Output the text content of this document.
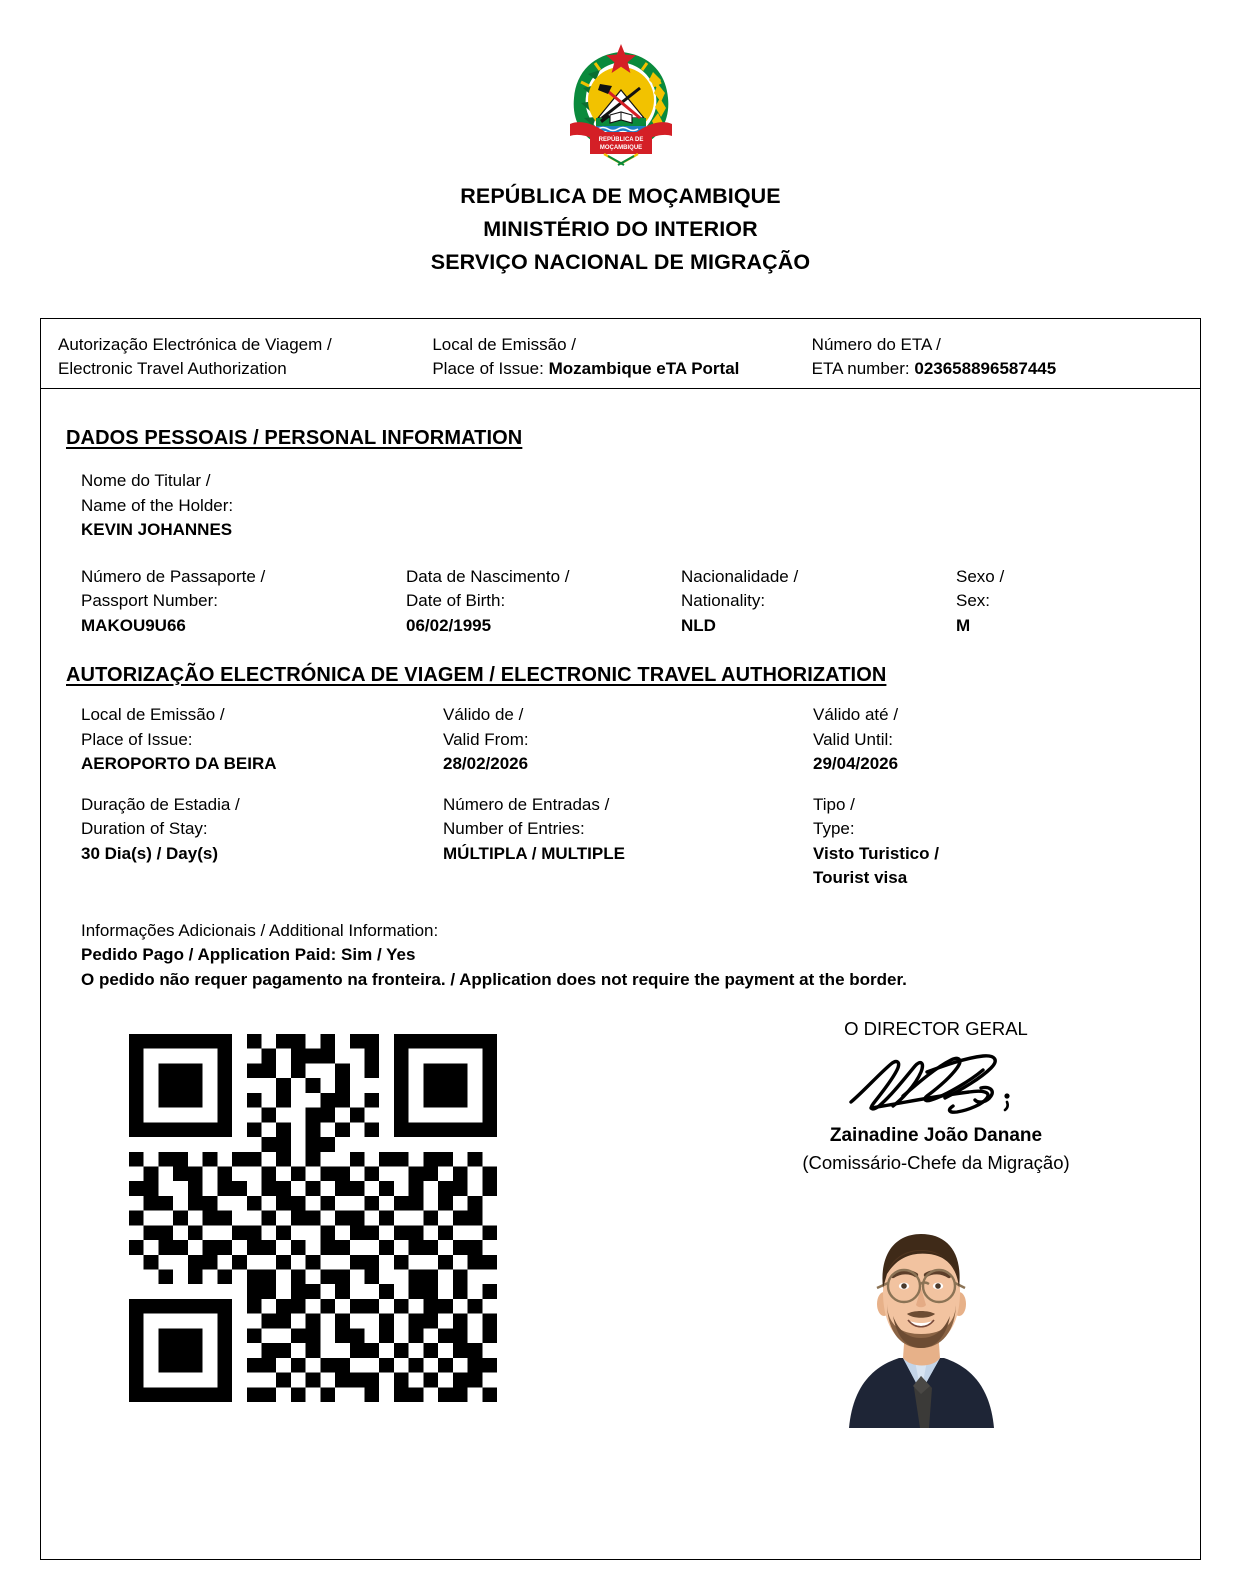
REPÚBLICA DE
MOÇAMBIQUE
REPÚBLICA DE MOÇAMBIQUE
MINISTÉRIO DO INTERIOR
SERVIÇO NACIONAL DE MIGRAÇÃO
Autorização Electrónica de Viagem /
Electronic Travel Authorization
Local de Emissão /
Place of Issue: Mozambique eTA Portal
Número do ETA /
ETA number: 023658896587445
DADOS PESSOAIS / PERSONAL INFORMATION
Nome do Titular /
Name of the Holder:
KEVIN JOHANNES
Número de Passaporte /
Passport Number:
MAKOU9U66
Data de Nascimento /
Date of Birth:
06/02/1995
Nacionalidade /
Nationality:
NLD
Sexo /
Sex:
M
AUTORIZAÇÃO ELECTRÓNICA DE VIAGEM / ELECTRONIC TRAVEL AUTHORIZATION
Local de Emissão /
Place of Issue:
AEROPORTO DA BEIRA
Válido de /
Valid From:
28/02/2026
Válido até /
Valid Until:
29/04/2026
Duração de Estadia /
Duration of Stay:
30 Dia(s) / Day(s)
Número de Entradas /
Number of Entries:
MÚLTIPLA / MULTIPLE
Tipo /
Type:
Visto Turistico /
Tourist visa
Informações Adicionais / Additional Information:
Pedido Pago / Application Paid: Sim / Yes
O pedido não requer pagamento na fronteira. / Application does not require the payment at the border.
O DIRECTOR GERAL
Zainadine João Danane
(Comissário-Chefe da Migração)
